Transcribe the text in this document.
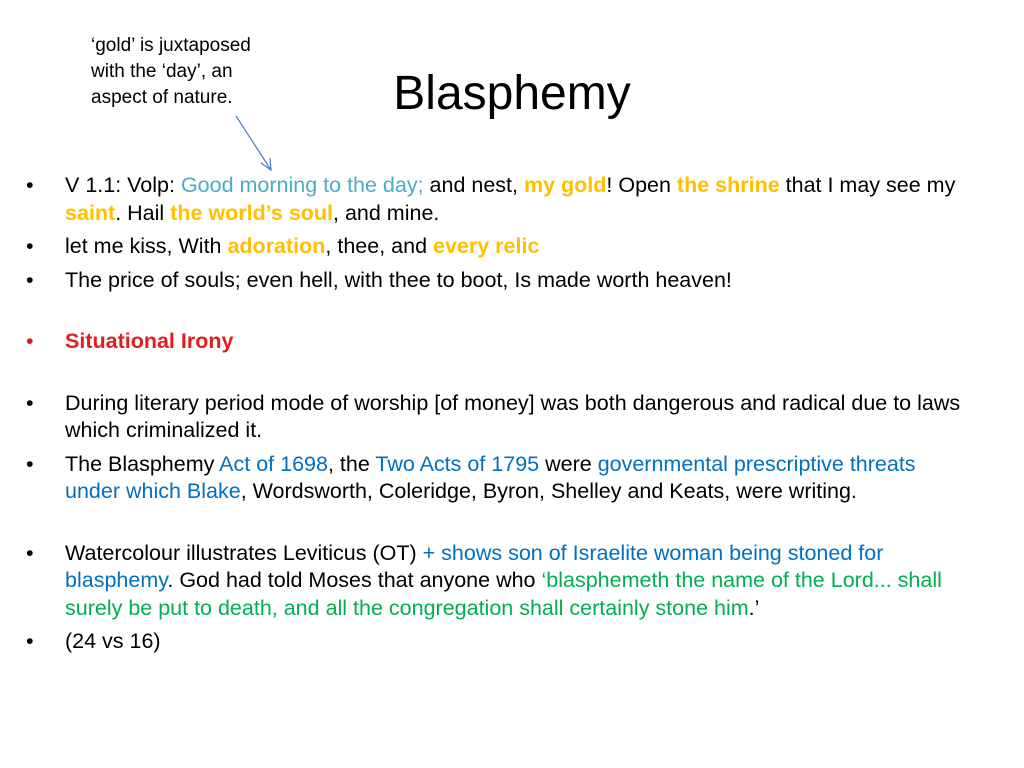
‘gold’ is juxtaposed
with the ‘day’, an
aspect of nature.	Blasphemy
• V 1.1: Volp: Good morning to the day; and nest, my gold! Open the shrine that I may see my saint. Hail the world’s soul, and mine.
• let me kiss, With adoration, thee, and every relic
• The price of souls; even hell, with thee to boot, Is made worth heaven!
• Situational Irony
• During literary period mode of worship [of money] was both dangerous and radical due to laws which criminalized it.
• The Blasphemy Act of 1698, the Two Acts of 1795 were governmental prescriptive threats under which Blake, Wordsworth, Coleridge, Byron, Shelley and Keats, were writing.
• Watercolour illustrates Leviticus (OT) + shows son of Israelite woman being stoned for blasphemy. God had told Moses that anyone who ‘blasphemeth the name of the Lord... shall surely be put to death, and all the congregation shall certainly stone him.’
• (24 vs 16)
